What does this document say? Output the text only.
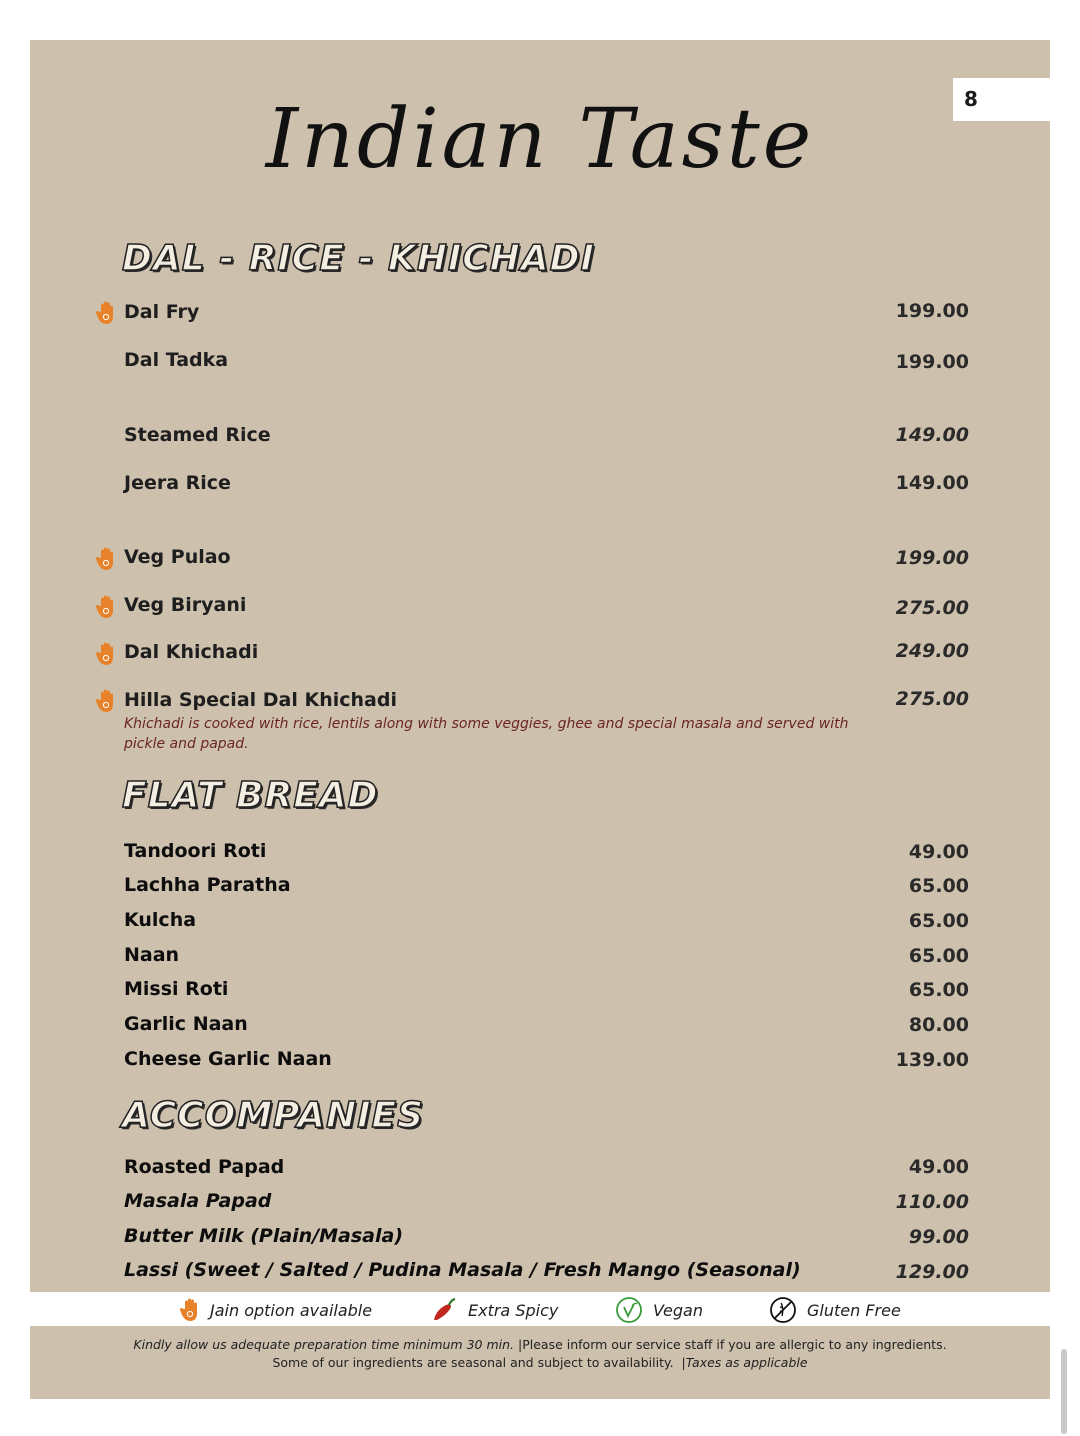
8
Indian Taste
DAL - RICE - KHICHADI
Dal Fry	199.00
Dal Tadka	199.00
Steamed Rice	149.00
Jeera Rice	149.00
Veg Pulao	199.00
Veg Biryani	275.00
Dal Khichadi	249.00
Hilla Special Dal Khichadi	275.00
Khichadi is cooked with rice, lentils along with some veggies, ghee and special masala and served with pickle and papad.
FLAT BREAD
Tandoori Roti	49.00
Lachha Paratha	65.00
Kulcha	65.00
Naan	65.00
Missi Roti	65.00
Garlic Naan	80.00
Cheese Garlic Naan	139.00
ACCOMPANIES
Roasted Papad	49.00
Masala Papad	110.00
Butter Milk (Plain/Masala)	99.00
Lassi (Sweet / Salted / Pudina Masala / Fresh Mango (Seasonal)	129.00
Jain option available	Extra Spicy	Vegan	Gluten Free
Kindly allow us adequate preparation time minimum 30 min. |Please inform our service staff if you are allergic to any ingredients.
Some of our ingredients are seasonal and subject to availability.  |Taxes as applicable
